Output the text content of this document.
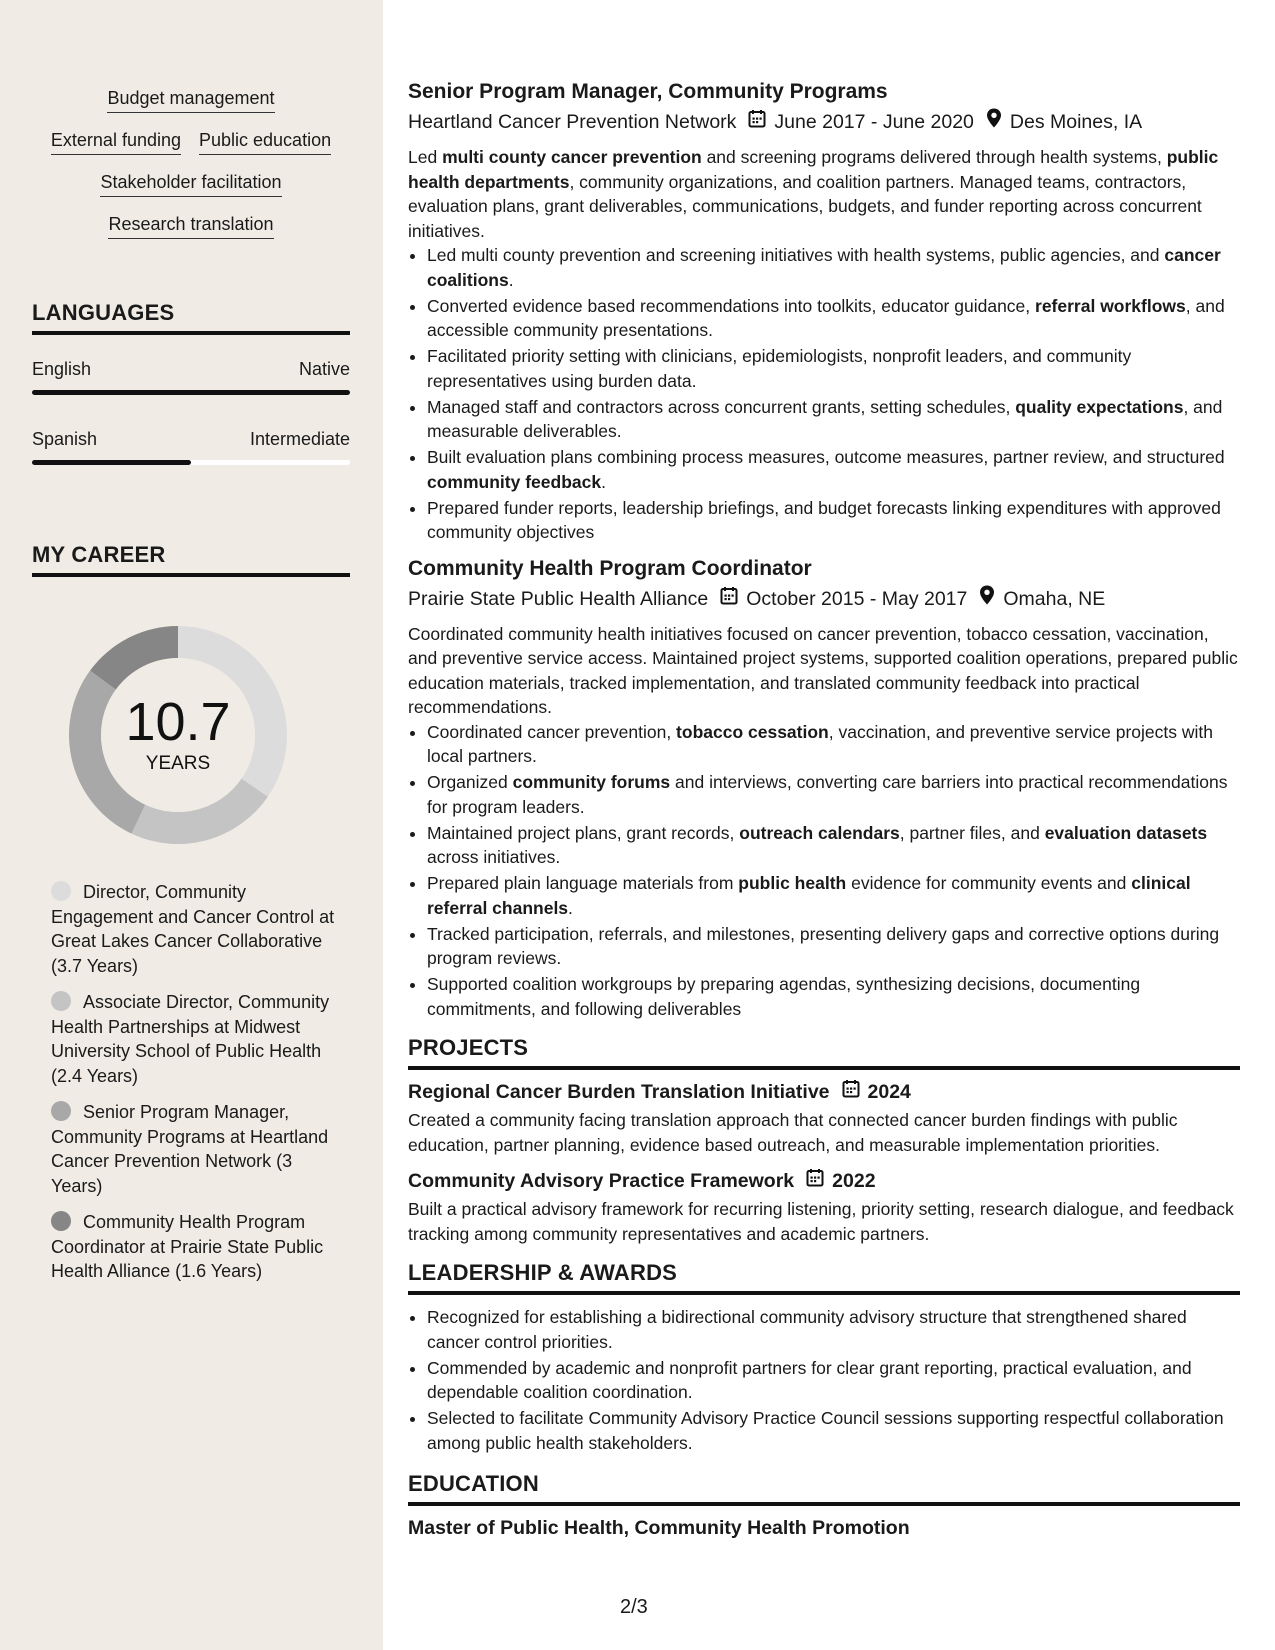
Budget management
External funding Public education
Stakeholder facilitation
Research translation
LANGUAGES
English	Native
Spanish	Intermediate
MY CAREER
10.7
YEARS
Director, Community Engagement and Cancer Control at Great Lakes Cancer Collaborative (3.7 Years)
Associate Director, Community Health Partnerships at Midwest University School of Public Health (2.4 Years)
Senior Program Manager, Community Programs at Heartland Cancer Prevention Network (3 Years)
Community Health Program Coordinator at Prairie State Public Health Alliance (1.6 Years)
Senior Program Manager, Community Programs
Heartland Cancer Prevention Network June 2017 - June 2020 Des Moines, IA
Led multi county cancer prevention and screening programs delivered through health systems, public health departments, community organizations, and coalition partners. Managed teams, contractors, evaluation plans, grant deliverables, communications, budgets, and funder reporting across concurrent initiatives.
• Led multi county prevention and screening initiatives with health systems, public agencies, and cancer coalitions.
• Converted evidence based recommendations into toolkits, educator guidance, referral workflows, and accessible community presentations.
• Facilitated priority setting with clinicians, epidemiologists, nonprofit leaders, and community representatives using burden data.
• Managed staff and contractors across concurrent grants, setting schedules, quality expectations, and measurable deliverables.
• Built evaluation plans combining process measures, outcome measures, partner review, and structured community feedback.
• Prepared funder reports, leadership briefings, and budget forecasts linking expenditures with approved community objectives
Community Health Program Coordinator
Prairie State Public Health Alliance October 2015 - May 2017 Omaha, NE
Coordinated community health initiatives focused on cancer prevention, tobacco cessation, vaccination, and preventive service access. Maintained project systems, supported coalition operations, prepared public education materials, tracked implementation, and translated community feedback into practical recommendations.
• Coordinated cancer prevention, tobacco cessation, vaccination, and preventive service projects with local partners.
• Organized community forums and interviews, converting care barriers into practical recommendations for program leaders.
• Maintained project plans, grant records, outreach calendars, partner files, and evaluation datasets across initiatives.
• Prepared plain language materials from public health evidence for community events and clinical referral channels.
• Tracked participation, referrals, and milestones, presenting delivery gaps and corrective options during program reviews.
• Supported coalition workgroups by preparing agendas, synthesizing decisions, documenting commitments, and following deliverables
PROJECTS
Regional Cancer Burden Translation Initiative 2024
Created a community facing translation approach that connected cancer burden findings with public education, partner planning, evidence based outreach, and measurable implementation priorities.
Community Advisory Practice Framework 2022
Built a practical advisory framework for recurring listening, priority setting, research dialogue, and feedback tracking among community representatives and academic partners.
LEADERSHIP & AWARDS
• Recognized for establishing a bidirectional community advisory structure that strengthened shared cancer control priorities.
• Commended by academic and nonprofit partners for clear grant reporting, practical evaluation, and dependable coalition coordination.
• Selected to facilitate Community Advisory Practice Council sessions supporting respectful collaboration among public health stakeholders.
EDUCATION
Master of Public Health, Community Health Promotion
2/3
